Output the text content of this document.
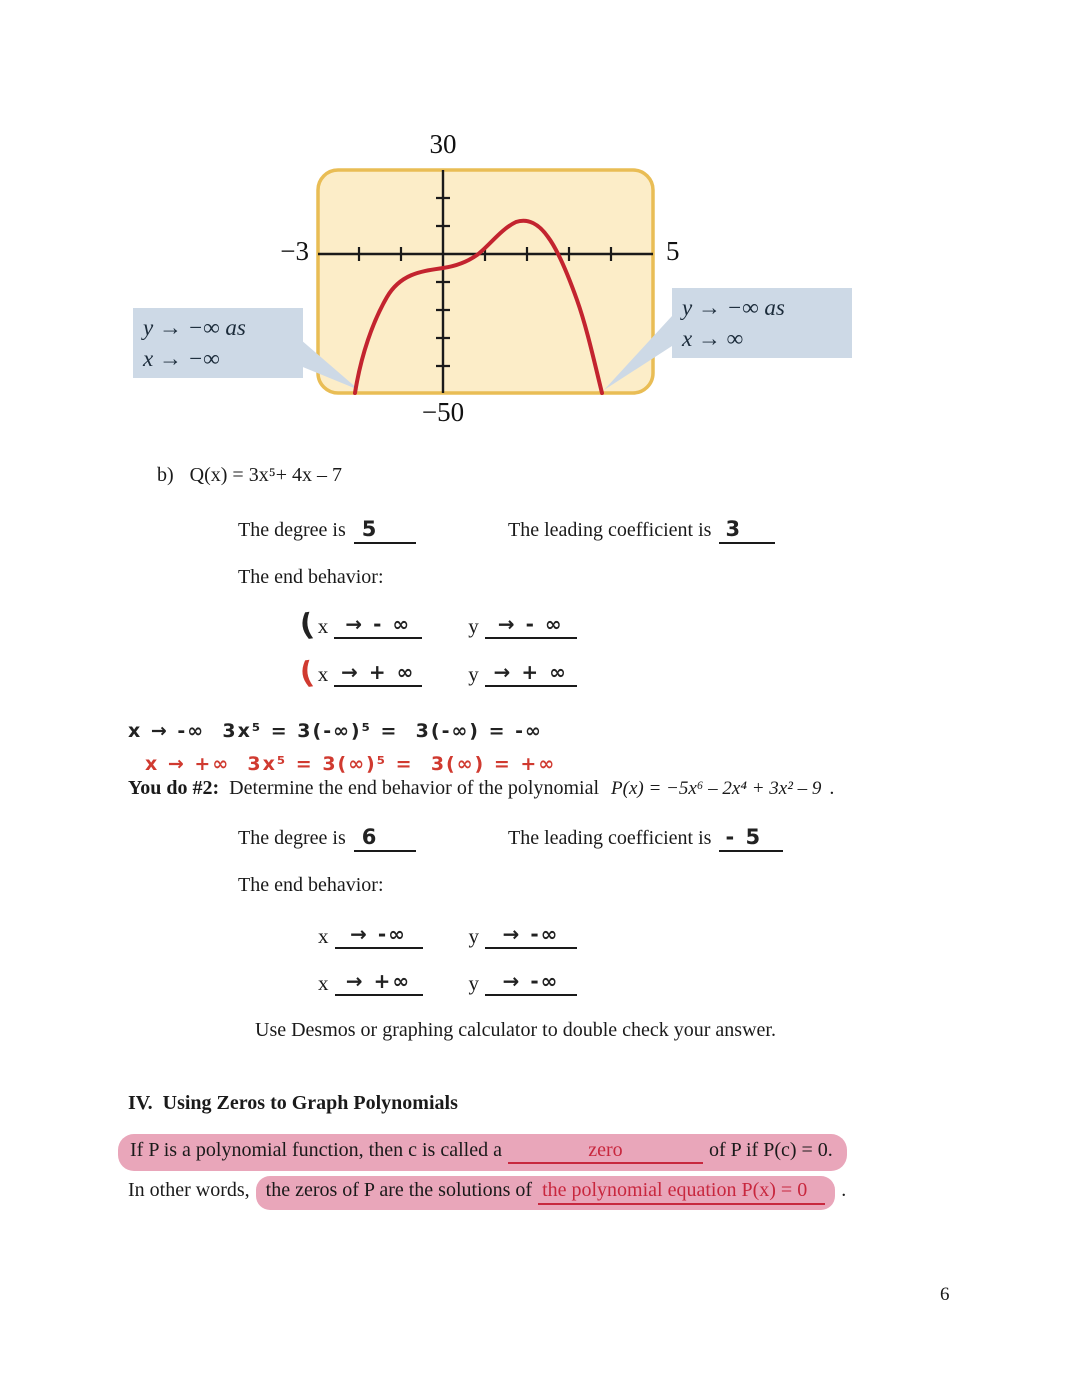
30
−50
−3	5
y → −∞ as
x → −∞
y → −∞ as
x → ∞
b) Q(x) = 3x⁵+ 4x – 7
The degree is 5	The leading coefficient is 3
The end behavior:
( x → - ∞	y → - ∞
( x → + ∞	y → + ∞
x → -∞  3x⁵ = 3(-∞)⁵ =  3(-∞) = -∞
x → +∞  3x⁵ = 3(∞)⁵ =  3(∞) = +∞
You do #2: Determine the end behavior of the polynomial P(x) = −5x⁶ – 2x⁴ + 3x² – 9 .
The degree is 6	The leading coefficient is - 5
The end behavior:
x	→ -∞	y	→ -∞
x → +∞	y	→ -∞
Use Desmos or graphing calculator to double check your answer.
IV.  Using Zeros to Graph Polynomials
If P is a polynomial function, then c is called a	zero	of P if P(c) = 0.
In other words, the zeros of P are the solutions of the polynomial equation P(x) = 0	.
6
